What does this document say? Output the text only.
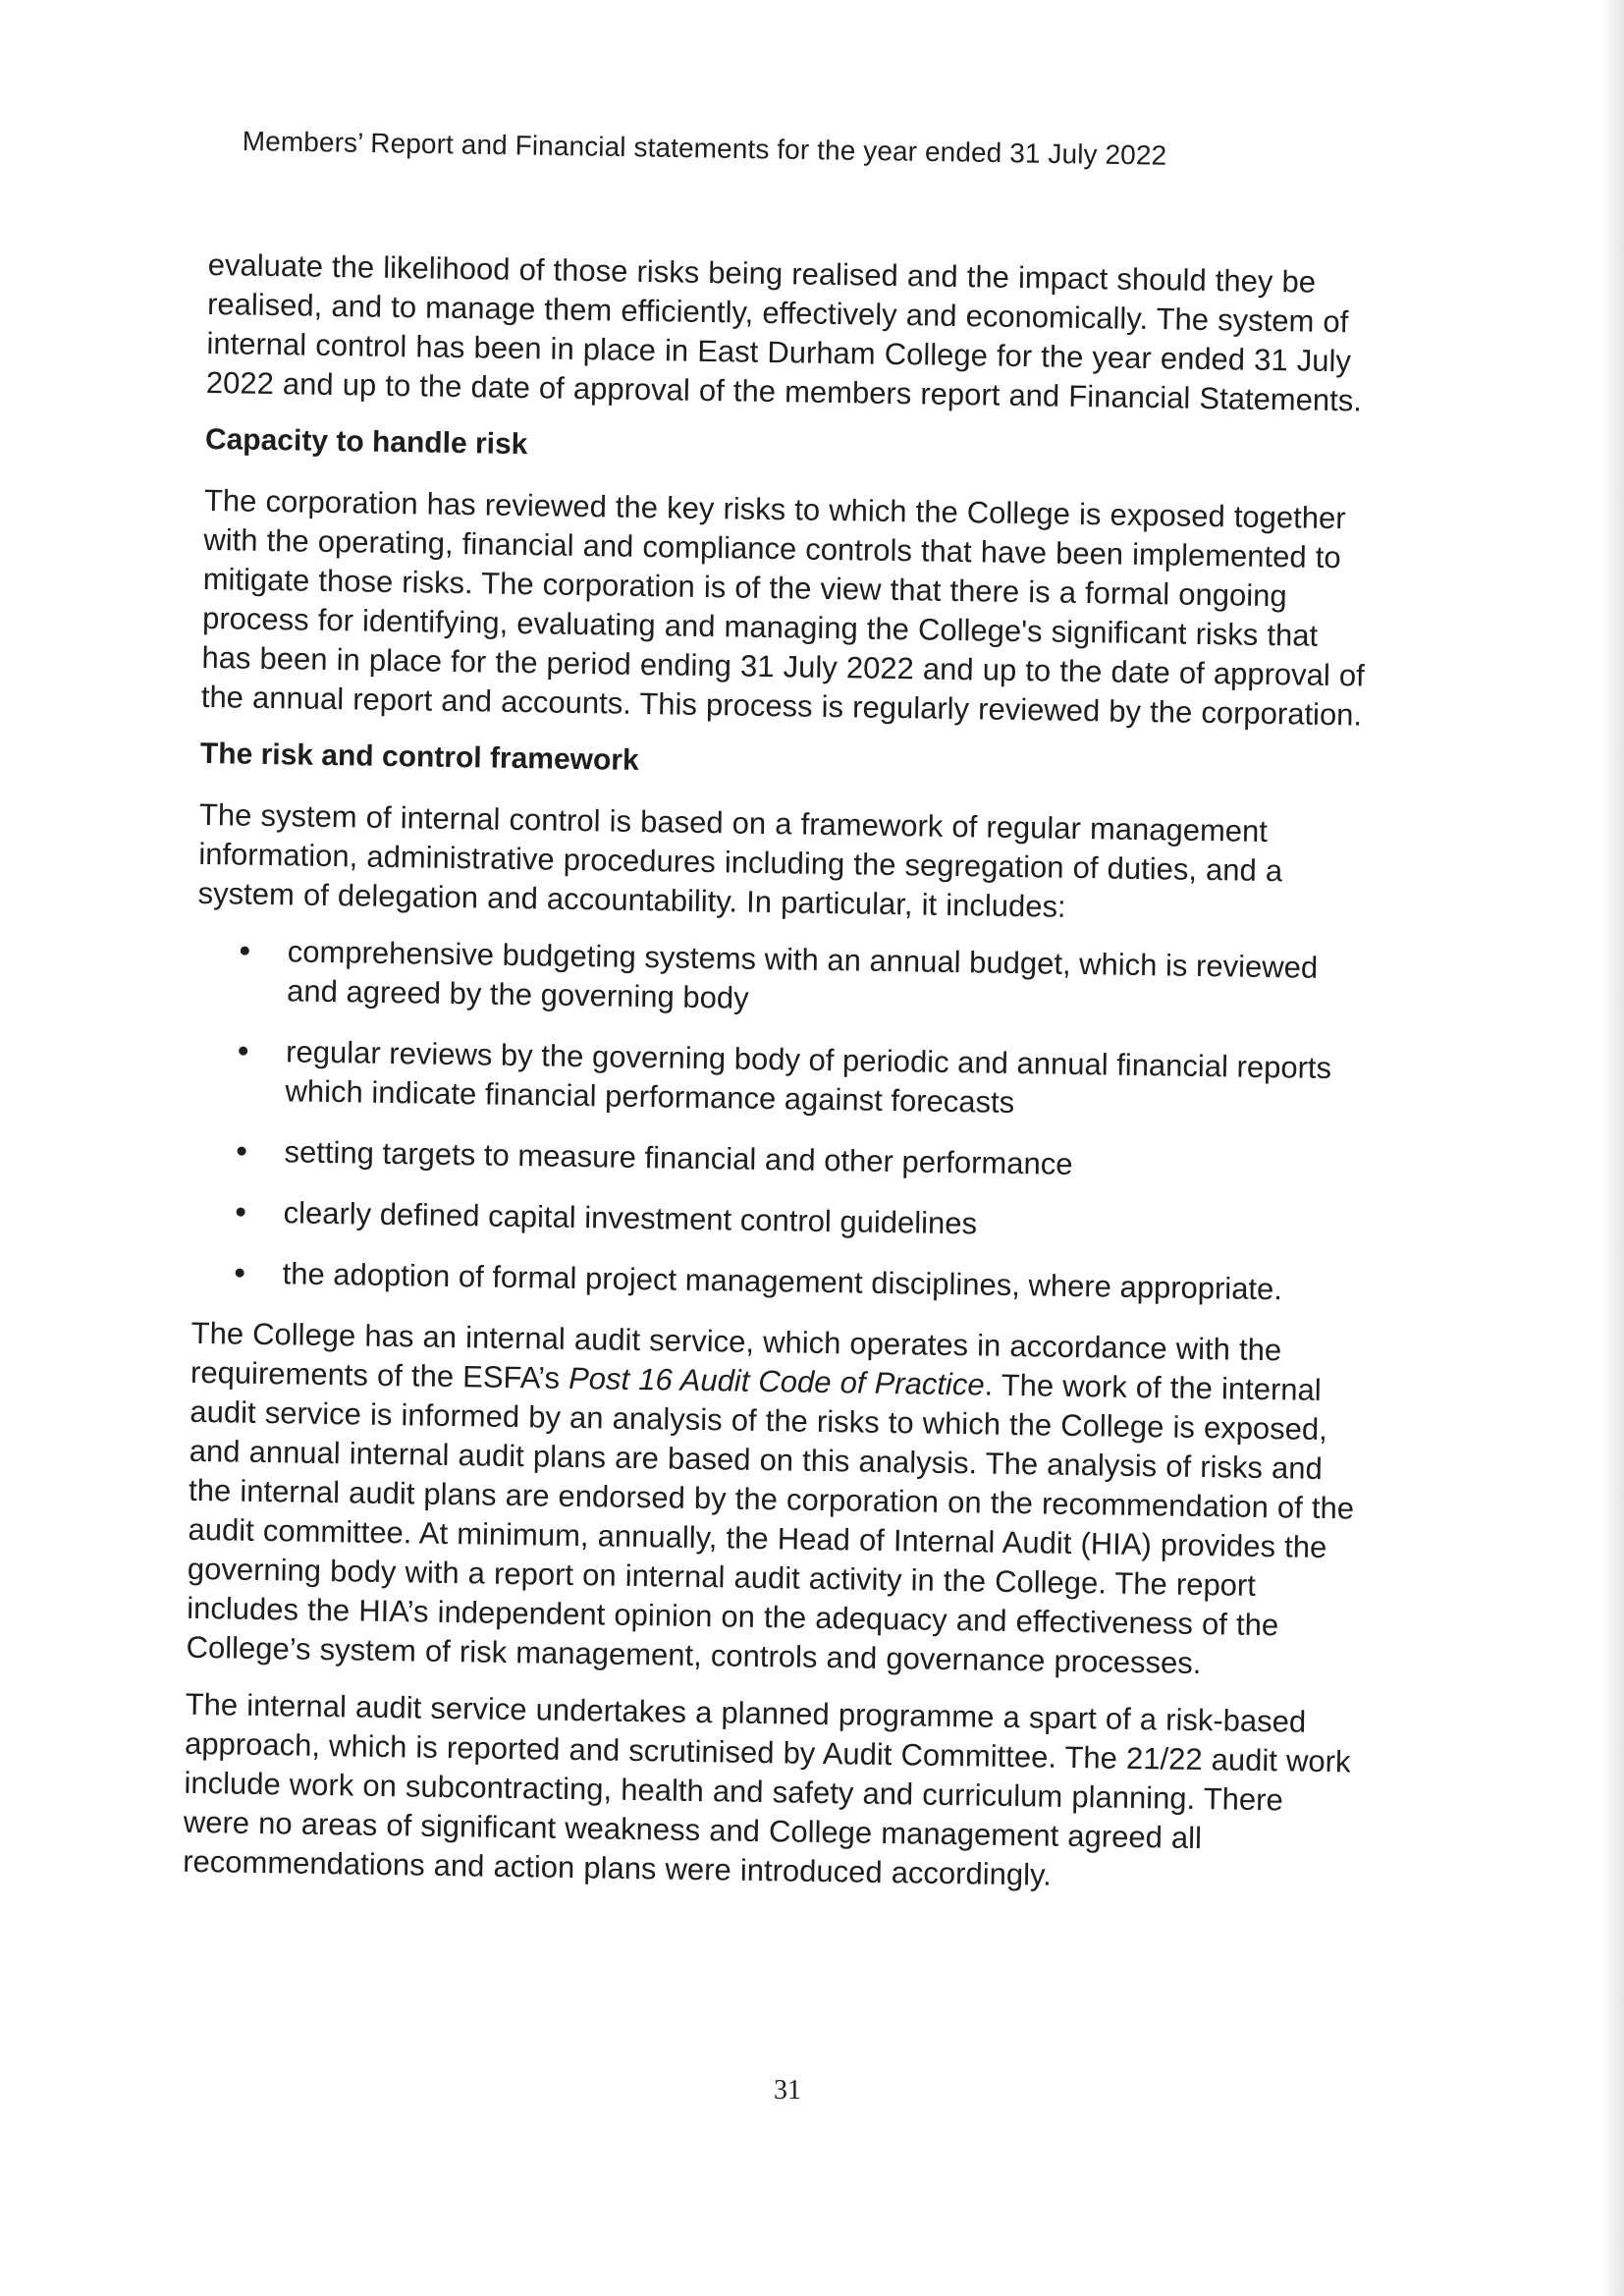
Members’ Report and Financial statements for the year ended 31 July 2022

evaluate the likelihood of those risks being realised and the impact should they be realised, and to manage them efficiently, effectively and economically. The system of internal control has been in place in East Durham College for the year ended 31 July 2022 and up to the date of approval of the members report and Financial Statements.

Capacity to handle risk

The corporation has reviewed the key risks to which the College is exposed together with the operating, financial and compliance controls that have been implemented to mitigate those risks. The corporation is of the view that there is a formal ongoing process for identifying, evaluating and managing the College's significant risks that has been in place for the period ending 31 July 2022 and up to the date of approval of the annual report and accounts. This process is regularly reviewed by the corporation.

The risk and control framework

The system of internal control is based on a framework of regular management information, administrative procedures including the segregation of duties, and a system of delegation and accountability. In particular, it includes:

comprehensive budgeting systems with an annual budget, which is reviewed and agreed by the governing body
regular reviews by the governing body of periodic and annual financial reports which indicate financial performance against forecasts
setting targets to measure financial and other performance
clearly defined capital investment control guidelines
the adoption of formal project management disciplines, where appropriate.

The College has an internal audit service, which operates in accordance with the requirements of the ESFA’s Post 16 Audit Code of Practice. The work of the internal audit service is informed by an analysis of the risks to which the College is exposed, and annual internal audit plans are based on this analysis. The analysis of risks and the internal audit plans are endorsed by the corporation on the recommendation of the audit committee. At minimum, annually, the Head of Internal Audit (HIA) provides the governing body with a report on internal audit activity in the College. The report includes the HIA’s independent opinion on the adequacy and effectiveness of the College’s system of risk management, controls and governance processes.

The internal audit service undertakes a planned programme a spart of a risk-based approach, which is reported and scrutinised by Audit Committee. The 21/22 audit work include work on subcontracting, health and safety and curriculum planning. There were no areas of significant weakness and College management agreed all recommendations and action plans were introduced accordingly.

31
